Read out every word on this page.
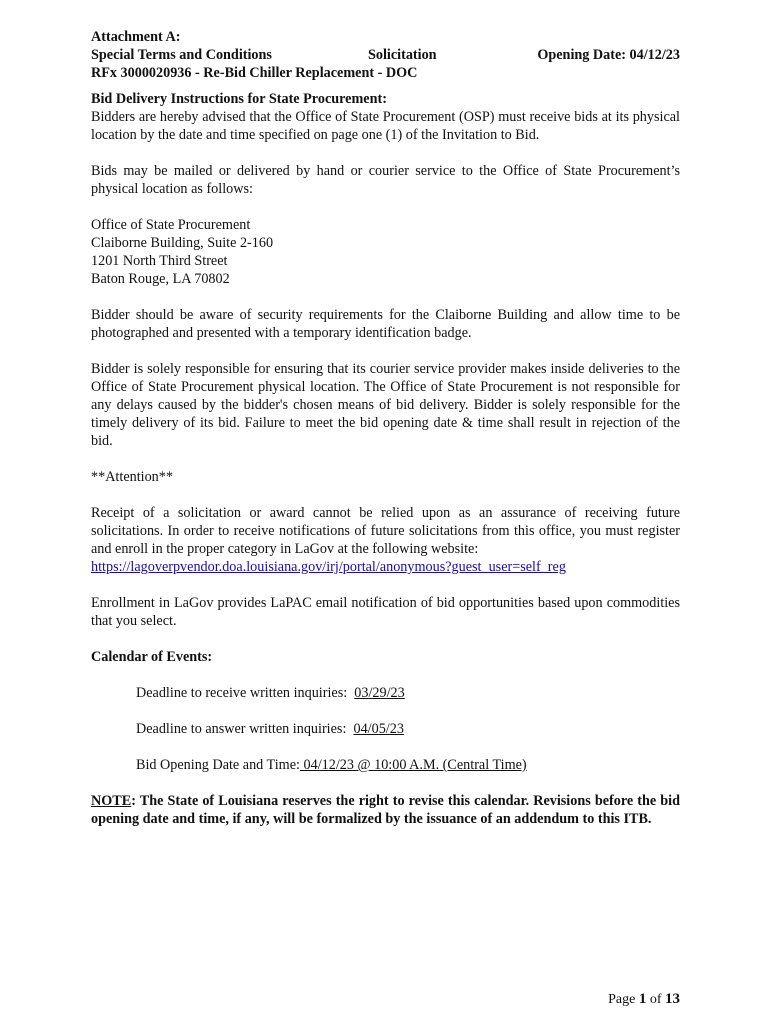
Attachment A:
Special Terms and Conditions	Solicitation	Opening Date: 04/12/23
RFx 3000020936 - Re-Bid Chiller Replacement - DOC

Bid Delivery Instructions for State Procurement:

Bidders are hereby advised that the Office of State Procurement (OSP) must receive bids at its physical location by the date and time specified on page one (1) of the Invitation to Bid.

Bids may be mailed or delivered by hand or courier service to the Office of State Procurement’s physical location as follows:

Office of State Procurement
Claiborne Building, Suite 2-160
1201 North Third Street
Baton Rouge, LA 70802

Bidder should be aware of security requirements for the Claiborne Building and allow time to be photographed and presented with a temporary identification badge.

Bidder is solely responsible for ensuring that its courier service provider makes inside deliveries to the Office of State Procurement physical location. The Office of State Procurement is not responsible for any delays caused by the bidder's chosen means of bid delivery. Bidder is solely responsible for the timely delivery of its bid. Failure to meet the bid opening date & time shall result in rejection of the bid.

**Attention**

Receipt of a solicitation or award cannot be relied upon as an assurance of receiving future solicitations. In order to receive notifications of future solicitations from this office, you must register and enroll in the proper category in LaGov at the following website:

https://lagoverpvendor.doa.louisiana.gov/irj/portal/anonymous?guest_user=self_reg

Enrollment in LaGov provides LaPAC email notification of bid opportunities based upon commodities that you select.

Calendar of Events:

Deadline to receive written inquiries: 03/29/23
Deadline to answer written inquiries: 04/05/23
Bid Opening Date and Time: 04/12/23 @ 10:00 A.M. (Central Time)

NOTE: The State of Louisiana reserves the right to revise this calendar. Revisions before the bid opening date and time, if any, will be formalized by the issuance of an addendum to this ITB.

Page 1 of 13
